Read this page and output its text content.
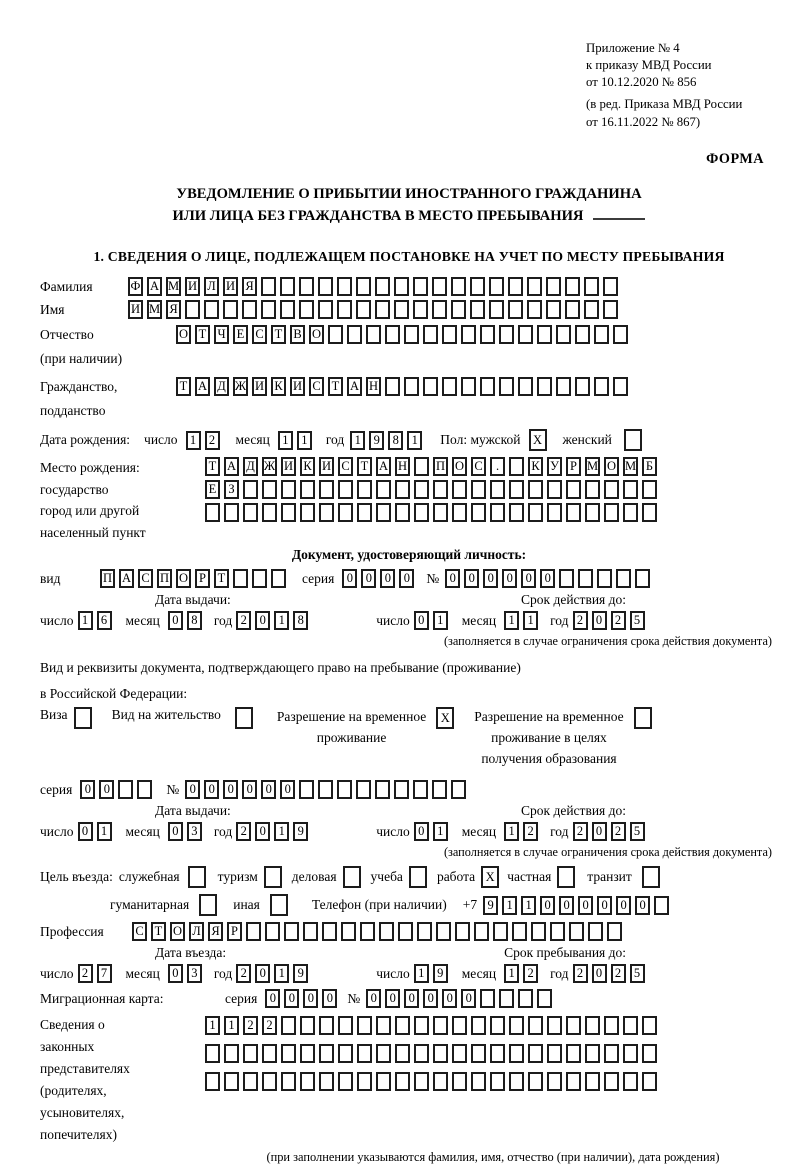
Приложение № 4
к приказу МВД России
от 10.12.2020 № 856
(в ред. Приказа МВД России
от 16.11.2022 № 867)
ФОРМА
УВЕДОМЛЕНИЕ О ПРИБЫТИИ ИНОСТРАННОГО ГРАЖДАНИНА
ИЛИ ЛИЦА БЕЗ ГРАЖДАНСТВА В МЕСТО ПРЕБЫВАНИЯ
1. СВЕДЕНИЯ О ЛИЦЕ, ПОДЛЕЖАЩЕМ ПОСТАНОВКЕ НА УЧЕТ ПО МЕСТУ ПРЕБЫВАНИЯ
Фамилия	Ф А М И Л И Я
Имя	И М Я
Отчество
(при наличии)
О Т Ч Е С Т В О
Гражданство,
подданство
Т А Д Ж И К И С Т А Н
Дата рождения: число 1	2	месяц 1	1	год 1	9	8	1	Пол: мужской X	женский
Место рождения:
государство
город или другой
населенный пункт
Т А Д Ж И К И С Т А Н П О С	.	К У Р М О М Б
Е З
Документ, удостоверяющий личность:
вид	П А С П О Р Т	серия 0	0	0	0	№ 0	0	0	0	0	0
Дата выдачи:	Срок действия до:
число 1	6	месяц 0	8	год 2	0	1	8	число 0	1	месяц 1	1	год 2	0	2	5
(заполняется в случае ограничения срока действия документа)
Вид и реквизиты документа, подтверждающего право на пребывание (проживание)
в Российской Федерации:
Виза	Вид на жительство	Разрешение на временное
проживание
X	Разрешение на временное
проживание в целях
получения образования
серия 0	0	№ 0	0	0	0	0	0
Дата выдачи:	Срок действия до:
число 0	1	месяц 0	3	год 2	0	1	9	число 0	1	месяц 1	2	год 2	0	2	5
(заполняется в случае ограничения срока действия документа)
Цель въезда: служебная	туризм	деловая	учеба	работа X частная	транзит
гуманитарная	иная	Телефон (при наличии) +7 9	1	1	0	0	0	0	0	0
Профессия	С Т О Л Я Р
Дата въезда:	Срок пребывания до:
число 2	7	месяц 0	3	год 2	0	1	9	число 1	9	месяц 1	2	год 2	0	2	5
Миграционная карта:	серия 0	0	0	0	№ 0	0	0	0	0	0
Сведения о
законных
представителях
(родителях,
усыновителях,
попечителях)
1	1	2	2
(при заполнении указываются фамилия, имя, отчество (при наличии), дата рождения)
